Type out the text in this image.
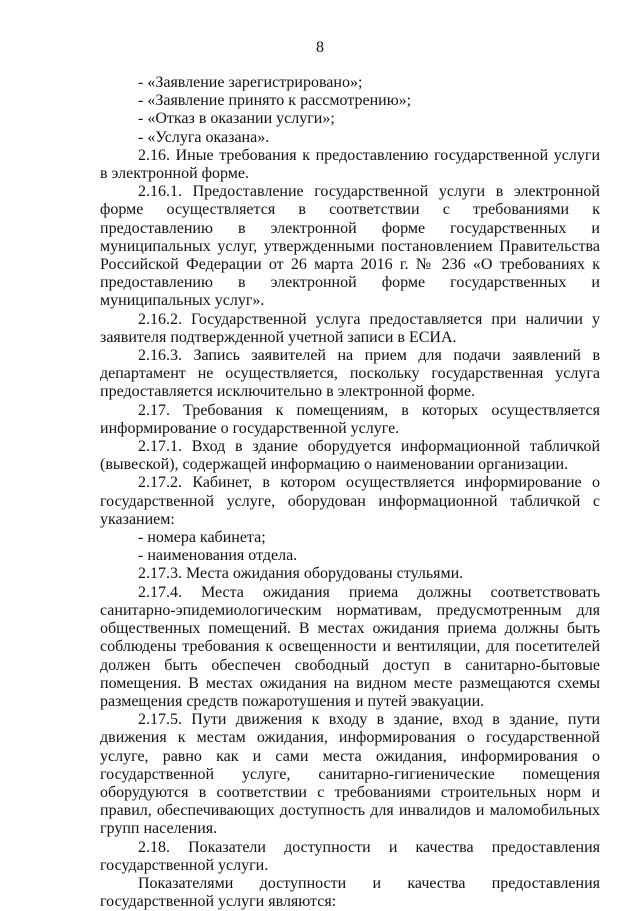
8

- «Заявление зарегистрировано»;

- «Заявление принято к рассмотрению»;

- «Отказ в оказании услуги»;

- «Услуга оказана».

2.16. Иные требования к предоставлению государственной услуги в электронной форме.

2.16.1. Предоставление государственной услуги в электронной форме осуществляется в соответствии с требованиями к предоставлению в электронной форме государственных и муниципальных услуг, утвержденными постановлением Правительства Российской Федерации от 26 марта 2016 г. № 236 «О требованиях к предоставлению в электронной форме государственных и муниципальных услуг».

2.16.2. Государственной услуга предоставляется при наличии у заявителя подтвержденной учетной записи в ЕСИА.

2.16.3. Запись заявителей на прием для подачи заявлений в департамент не осуществляется, поскольку государственная услуга предоставляется исключительно в электронной форме.

2.17. Требования к помещениям, в которых осуществляется информирование о государственной услуге.

2.17.1. Вход в здание оборудуется информационной табличкой (вывеской), содержащей информацию о наименовании организации.

2.17.2. Кабинет, в котором осуществляется информирование о государственной услуге, оборудован информационной табличкой с указанием:

- номера кабинета;

- наименования отдела.

2.17.3. Места ожидания оборудованы стульями.

2.17.4. Места ожидания приема должны соответствовать санитарно-эпидемиологическим нормативам, предусмотренным для общественных помещений. В местах ожидания приема должны быть соблюдены требования к освещенности и вентиляции, для посетителей должен быть обеспечен свободный доступ в санитарно-бытовые помещения. В местах ожидания на видном месте размещаются схемы размещения средств пожаротушения и путей эвакуации.

2.17.5. Пути движения к входу в здание, вход в здание, пути движения к местам ожидания, информирования о государственной услуге, равно как и сами места ожидания, информирования о государственной услуге, санитарно-гигиенические помещения оборудуются в соответствии с требованиями строительных норм и правил, обеспечивающих доступность для инвалидов и маломобильных групп населения.

2.18. Показатели доступности и качества предоставления государственной услуги.

Показателями доступности и качества предоставления государственной услуги являются:
